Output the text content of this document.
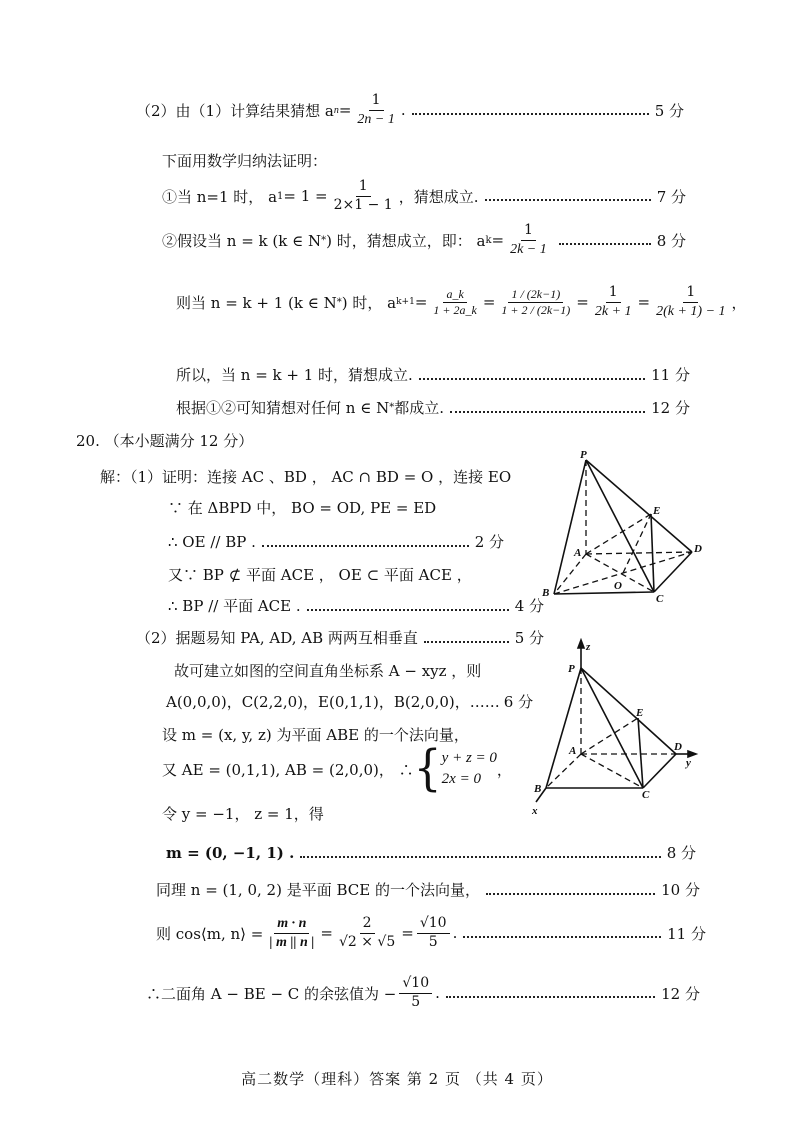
（2）由（1）计算结果猜想 a $n = \frac{1}{2n - 1}$ .	5 分
下面用数学归纳法证明：
①当 n=1 时， a $1 = 1 = \frac{1}{2\times 1 - 1}$ ，猜想成立.	7 分
②假设当 n = k (k ∈ N * ) 时，猜想成立，即： a $k = \frac{1}{2k - 1}$	8 分
则当 n = k + 1 (k ∈ N * ) 时， a $k+1 = \frac{a\_k}{1 + 2a\_k} = \frac{1 / (2k-1)}{1 + 2 / (2k-1)} = \frac{1}{2k + 1} = \frac{1}{2(k + 1) - 1}$ ，
所以，当 n = k + 1 时，猜想成立.	11 分
根据①②可知猜想对任何 n ∈ N * 都成立.	12 分
20. （本小题满分 12 分）
解：（1）证明：连接 AC 、BD ， AC ∩ BD = O ，连接 EO
∵ 在 ΔBPD 中， BO = OD, PE = ED
∴ OE // BP .	2 分
又∵ BP ⊄ 平面 ACE ， OE ⊂ 平面 ACE ，
∴ BP // 平面 ACE .	4 分
（2）据题易知 PA, AD, AB 两两互相垂直	5 分
故可建立如图的空间直角坐标系 A − xyz ，则
A(0,0,0)，C(2,2,0)，E(0,1,1)，B(2,0,0)，…… 6 分
设 m = (x, y, z) 为平面 ABE 的一个法向量，
又 AE = (0,1,1), AB = (2,0,0)， ∴ { y + z = 0
2x = 0
，
令 y = −1， z = 1，得
m = (0, −1, 1) .	8 分
同理 n = (1, 0, 2) 是平面 BCE 的一个法向量，	10 分
则 cos⟨m, n⟩ = $\frac{m \cdot n}{| m || n |} = \frac{2}{√2 \times √5} = \frac{√10}{5}$ .	11 分
∴二面角 A − BE − C 的余弦值为 − $\frac{√10}{5}$ .	12 分
P
E
A	D
B
O
C
z
P
E
A	D
y
B	C
x
高二数学（理科）答案 第 2 页 （共 4 页）
